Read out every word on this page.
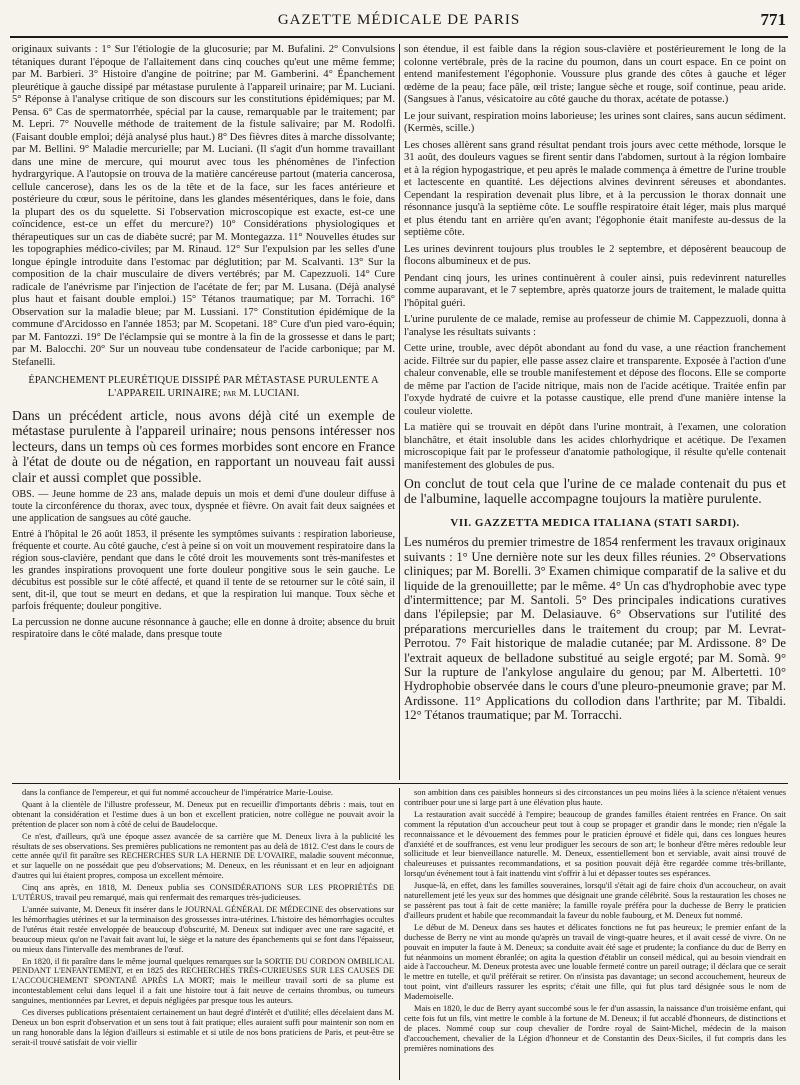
GAZETTE MÉDICALE DE PARIS	771

originaux suivants : 1° Sur l'étiologie de la glucosurie; par M. Bufalini. 2° Convulsions tétaniques durant l'époque de l'allaitement dans cinq couches qu'eut une même femme; par M. Barbieri. 3° Histoire d'angine de poitrine; par M. Gamberini. 4° Épanchement pleurétique à gauche dissipé par métastase purulente à l'appareil urinaire; par M. Luciani. 5° Réponse à l'analyse critique de son discours sur les constitutions épidémiques; par M. Pensa. 6° Cas de spermatorrhée, spécial par la cause, remarquable par le traitement; par M. Lepri. 7° Nouvelle méthode de traitement de la fistule salivaire; par M. Rodolfi. (Faisant double emploi; déjà analysé plus haut.) 8° Des fièvres dites à marche dissolvante; par M. Bellini. 9° Maladie mercurielle; par M. Luciani. (Il s'agit d'un homme travaillant dans une mine de mercure, qui mourut avec tous les phénomènes de l'infection hydrargyrique. A l'autopsie on trouva de la matière cancéreuse partout (materia cancerosa, cellule cancerose), dans les os de la tête et de la face, sur les faces antérieure et postérieure du cœur, sous le péritoine, dans les glandes mésentériques, dans le foie, dans la plupart des os du squelette. Si l'observation microscopique est exacte, est-ce une coïncidence, est-ce un effet du mercure?) 10° Considérations physiologiques et thérapeutiques sur un cas de diabète sucré; par M. Montegazza. 11° Nouvelles études sur les topographies médico-civiles; par M. Rinaud. 12° Sur l'expulsion par les selles d'une longue épingle introduite dans l'estomac par déglutition; par M. Scalvanti. 13° Sur la composition de la chair musculaire de divers vertébrés; par M. Capezzuoli. 14° Cure radicale de l'anévrisme par l'injection de l'acétate de fer; par M. Lusana. (Déjà analysé plus haut et faisant double emploi.) 15° Tétanos traumatique; par M. Torrachi. 16° Observation sur la maladie bleue; par M. Lussiani. 17° Constitution épidémique de la commune d'Arcidosso en l'année 1853; par M. Scopetani. 18° Cure d'un pied varo-équin; par M. Fantozzi. 19° De l'éclampsie qui se montre à la fin de la grossesse et dans le part; par M. Balocchi. 20° Sur un nouveau tube condensateur de l'acide carbonique; par M. Stefanelli.

ÉPANCHEMENT PLEURÉTIQUE DISSIPÉ PAR MÉTASTASE PURULENTE A L'APPAREIL URINAIRE; par M. LUCIANI.

Dans un précédent article, nous avons déjà cité un exemple de métastase purulente à l'appareil urinaire; nous pensons intéresser nos lecteurs, dans un temps où ces formes morbides sont encore en France à l'état de doute ou de négation, en rapportant un nouveau fait aussi clair et aussi complet que possible.

OBS. — Jeune homme de 23 ans, malade depuis un mois et demi d'une douleur diffuse à toute la circonférence du thorax, avec toux, dyspnée et fièvre. On avait fait deux saignées et une application de sangsues au côté gauche.

Entré à l'hôpital le 26 août 1853, il présente les symptômes suivants : respiration laborieuse, fréquente et courte. Au côté gauche, c'est à peine si on voit un mouvement respiratoire dans la région sous-clavière, pendant que dans le côté droit les mouvements sont très-manifestes et les grandes inspirations provoquent une forte douleur pongitive sous le sein gauche. Le décubitus est possible sur le côté affecté, et quand il tente de se retourner sur le côté sain, il sent, dit-il, que tout se meurt en dedans, et que la respiration lui manque. Toux sèche et parfois fréquente; douleur pongitive.

La percussion ne donne aucune résonnance à gauche; elle en donne à droite; absence du bruit respiratoire dans le côté malade, dans presque toute

son étendue, il est faible dans la région sous-clavière et postérieurement le long de la colonne vertébrale, près de la racine du poumon, dans un court espace. En ce point on entend manifestement l'égophonie. Voussure plus grande des côtes à gauche et léger œdème de la peau; face pâle, œil triste; langue sèche et rouge, soif continue, peau aride. (Sangsues à l'anus, vésicatoire au côté gauche du thorax, acétate de potasse.)

Le jour suivant, respiration moins laborieuse; les urines sont claires, sans aucun sédiment. (Kermès, scille.)

Les choses allèrent sans grand résultat pendant trois jours avec cette méthode, lorsque le 31 août, des douleurs vagues se firent sentir dans l'abdomen, surtout à la région lombaire et à la région hypogastrique, et peu après le malade commença à émettre de l'urine trouble et lactescente en quantité. Les déjections alvines devinrent séreuses et abondantes. Cependant la respiration devenait plus libre, et à la percussion le thorax donnait une résonnance jusqu'à la septième côte. Le souffle respiratoire était léger, mais plus marqué et plus étendu tant en arrière qu'en avant; l'égophonie était manifeste au-dessus de la septième côte.

Les urines devinrent toujours plus troubles le 2 septembre, et déposèrent beaucoup de flocons albumineux et de pus.

Pendant cinq jours, les urines continuèrent à couler ainsi, puis redevinrent naturelles comme auparavant, et le 7 septembre, après quatorze jours de traitement, le malade quitta l'hôpital guéri.

L'urine purulente de ce malade, remise au professeur de chimie M. Cappezzuoli, donna à l'analyse les résultats suivants :

Cette urine, trouble, avec dépôt abondant au fond du vase, a une réaction franchement acide. Filtrée sur du papier, elle passe assez claire et transparente. Exposée à l'action d'une chaleur convenable, elle se trouble manifestement et dépose des flocons. Elle se comporte de même par l'action de l'acide nitrique, mais non de l'acide acétique. Traitée enfin par l'oxyde hydraté de cuivre et la potasse caustique, elle prend d'une manière intense la couleur violette.

La matière qui se trouvait en dépôt dans l'urine montrait, à l'examen, une coloration blanchâtre, et était insoluble dans les acides chlorhydrique et acétique. De l'examen microscopique fait par le professeur d'anatomie pathologique, il résulte qu'elle contenait manifestement des globules de pus.

On conclut de tout cela que l'urine de ce malade contenait du pus et de l'albumine, laquelle accompagne toujours la matière purulente.

VII. GAZZETTA MEDICA ITALIANA (STATI SARDI).

Les numéros du premier trimestre de 1854 renferment les travaux originaux suivants : 1° Une dernière note sur les deux filles réunies. 2° Observations cliniques; par M. Borelli. 3° Examen chimique comparatif de la salive et du liquide de la grenouillette; par le même. 4° Un cas d'hydrophobie avec type d'intermittence; par M. Santoli. 5° Des principales indications curatives dans l'épilepsie; par M. Delasiauve. 6° Observations sur l'utilité des préparations mercurielles dans le traitement du croup; par M. Levrat-Perrotou. 7° Fait historique de maladie cutanée; par M. Ardissone. 8° De l'extrait aqueux de belladone substitué au seigle ergoté; par M. Somà. 9° Sur la rupture de l'ankylose angulaire du genou; par M. Albertetti. 10° Hydrophobie observée dans le cours d'une pleuro-pneumonie grave; par M. Ardissone. 11° Applications du collodion dans l'arthrite; par M. Tibaldi. 12° Tétanos traumatique; par M. Torracchi.

dans la confiance de l'empereur, et qui fut nommé accoucheur de l'impératrice Marie-Louise.

Quant à la clientèle de l'illustre professeur, M. Deneux put en recueillir d'importants débris : mais, tout en obtenant la considération et l'estime dues à un bon et excellent praticien, notre collègue ne pouvait avoir la prétention de placer son nom à côté de celui de Baudelocque.

Ce n'est, d'ailleurs, qu'à une époque assez avancée de sa carrière que M. Deneux livra à la publicité les résultats de ses observations. Ses premières publications ne remontent pas au delà de 1812. C'est dans le cours de cette année qu'il fit paraître ses RECHERCHES SUR LA HERNIE DE L'OVAIRE, maladie souvent méconnue, et sur laquelle on ne possédait que peu d'observations; M. Deneux, en les réunissant et en leur en adjoignant d'autres qui lui étaient propres, composa un excellent mémoire.

Cinq ans après, en 1818, M. Deneux publia ses CONSIDÉRATIONS SUR LES PROPRIÉTÉS DE L'UTÉRUS, travail peu remarqué, mais qui renfermait des remarques très-judicieuses.

L'année suivante, M. Deneux fit insérer dans le JOURNAL GÉNÉRAL DE MÉDECINE des observations sur les hémorrhagies utérines et sur la terminaison des grossesses intra-utérines. L'histoire des hémorrhagies occultes de l'utérus était restée enveloppée de beaucoup d'obscurité, M. Deneux sut indiquer avec une rare sagacité, et beaucoup mieux qu'on ne l'avait fait avant lui, le siège et la nature des épanchements qui se font dans l'épaisseur, ou mieux dans l'intervalle des membranes de l'œuf.

En 1820, il fit paraître dans le même journal quelques remarques sur la SORTIE DU CORDON OMBILICAL PENDANT L'ENFANTEMENT, et en 1825 des RECHERCHES TRÈS-CURIEUSES SUR LES CAUSES DE L'ACCOUCHEMENT SPONTANÉ APRÈS LA MORT; mais le meilleur travail sorti de sa plume est incontestablement celui dans lequel il a fait une histoire tout à fait neuve de certains thrombus, ou tumeurs sanguines, mentionnées par Levret, et depuis négligées par presque tous les auteurs.

Ces diverses publications présentaient certainement un haut degré d'intérêt et d'utilité; elles décelaient dans M. Deneux un bon esprit d'observation et un sens tout à fait pratique; elles auraient suffi pour maintenir son nom en un rang honorable dans la légion d'ailleurs si estimable et si utile de nos bons praticiens de Paris, et peut-être se serait-il trouvé satisfait de voir viellir

son ambition dans ces paisibles honneurs si des circonstances un peu moins liées à la science n'étaient venues contribuer pour une si large part à une élévation plus haute.

La restauration avait succédé à l'empire; beaucoup de grandes familles étaient rentrées en France. On sait comment la réputation d'un accoucheur peut tout à coup se propager et grandir dans le monde; rien n'égale la reconnaissance et le dévouement des femmes pour le praticien éprouvé et fidèle qui, dans ces longues heures d'anxiété et de souffrances, est venu leur prodiguer les secours de son art; le bonheur d'être mères redouble leur sollicitude et leur bienveillance naturelle. M. Deneux, essentiellement bon et serviable, avait ainsi trouvé de chaleureuses et puissantes recommandations, et sa position pouvait déjà être regardée comme très-brillante, lorsqu'un événement tout à fait inattendu vint s'offrir à lui et dépasser toutes ses espérances.

Jusque-là, en effet, dans les familles souveraines, lorsqu'il s'était agi de faire choix d'un accoucheur, on avait naturellement jeté les yeux sur des hommes que désignait une grande célébrité. Sous la restauration les choses ne se passèrent pas tout à fait de cette manière; la famille royale préféra pour la duchesse de Berry le praticien d'ailleurs prudent et habile que recommandait la faveur du noble faubourg, et M. Deneux fut nommé.

Le début de M. Deneux dans ses hautes et délicates fonctions ne fut pas heureux; le premier enfant de la duchesse de Berry ne vint au monde qu'après un travail de vingt-quatre heures, et il avait cessé de vivre. On ne pouvait en imputer la faute à M. Deneux; sa conduite avait été sage et prudente; la confiance du duc de Berry en fut néanmoins un moment ébranlée; on agita la question d'établir un conseil médical, qui au besoin viendrait en aide à l'accoucheur. M. Deneux protesta avec une louable fermeté contre un pareil outrage; il déclara que ce serait le mettre en tutelle, et qu'il préférait se retirer. On n'insista pas davantage; un second accouchement, heureux de tout point, vint d'ailleurs rassurer les esprits; c'était une fille, qui fut plus tard désignée sous le nom de Mademoiselle.

Mais en 1820, le duc de Berry ayant succombé sous le fer d'un assassin, la naissance d'un troisième enfant, qui cette fois fut un fils, vint mettre le comble à la fortune de M. Deneux; il fut accablé d'honneurs, de distinctions et de places. Nommé coup sur coup chevalier de l'ordre royal de Saint-Michel, médecin de la maison d'accouchement, chevalier de la Légion d'honneur et de Constantin des Deux-Siciles, il fut compris dans les premières nominations des
